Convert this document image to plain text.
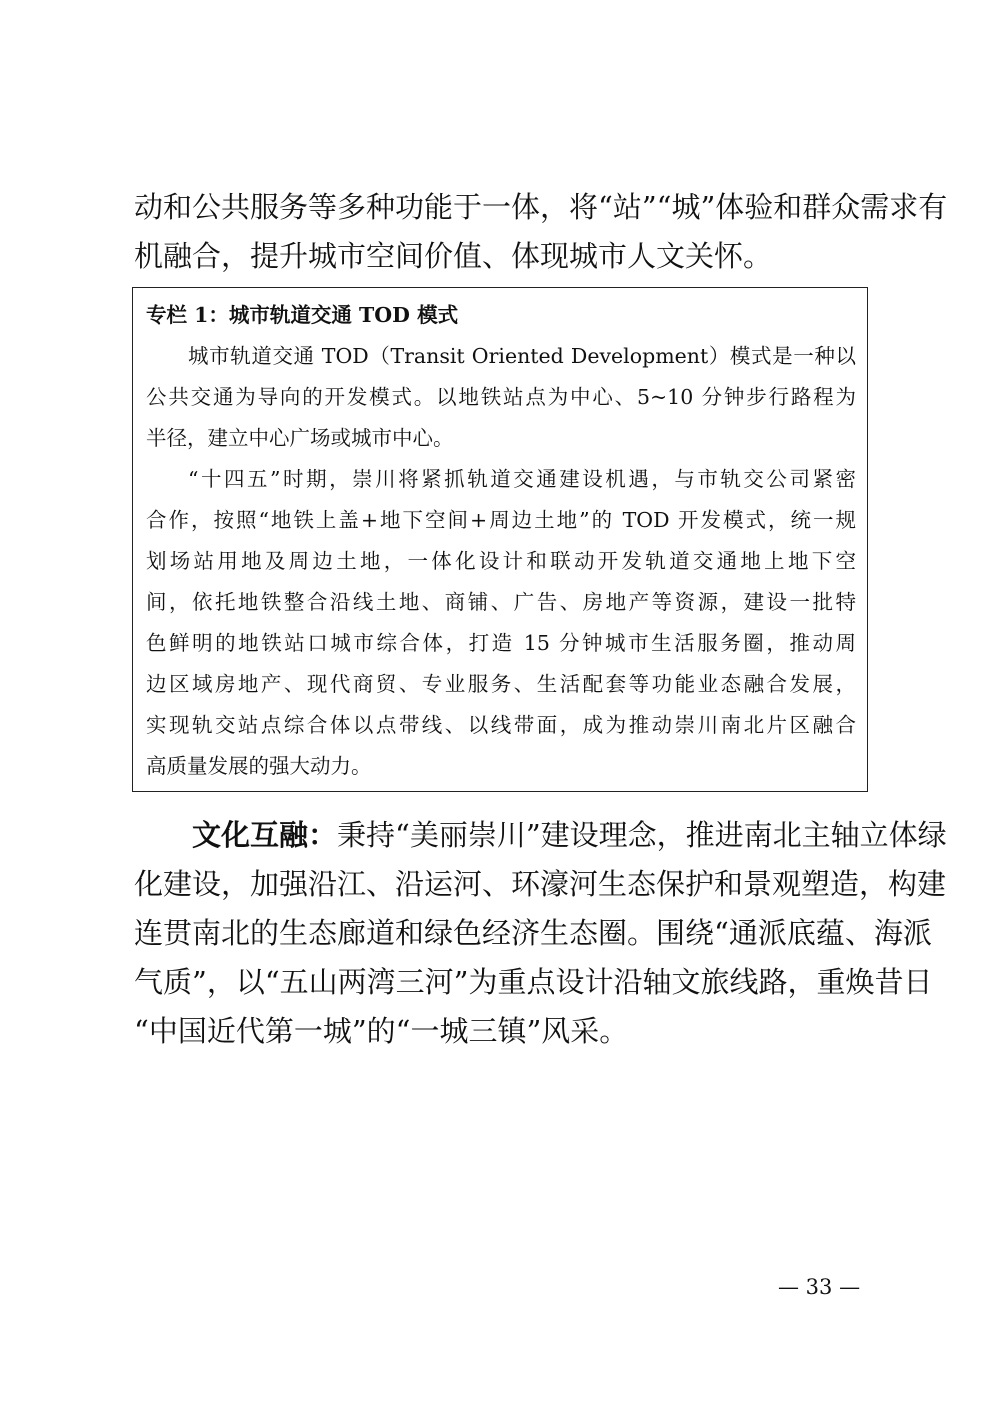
动和公共服务等多种功能于一体，将“站”“城”体验和群众需求有
机融合，提升城市空间价值、体现城市人文关怀。
专栏 1：城市轨道交通 TOD 模式
城市轨道交通 TOD（Transit Oriented Development）模式是一种以
公共交通为导向的开发模式。以地铁站点为中心、5~10 分钟步行路程为
半径，建立中心广场或城市中心。
“十四五”时期，崇川将紧抓轨道交通建设机遇，与市轨交公司紧密
合作，按照“地铁上盖+地下空间+周边土地”的 TOD 开发模式，统一规
划场站用地及周边土地，一体化设计和联动开发轨道交通地上地下空
间，依托地铁整合沿线土地、商铺、广告、房地产等资源，建设一批特
色鲜明的地铁站口城市综合体，打造 15 分钟城市生活服务圈，推动周
边区域房地产、现代商贸、专业服务、生活配套等功能业态融合发展，
实现轨交站点综合体以点带线、以线带面，成为推动崇川南北片区融合
高质量发展的强大动力。
文化互融：秉持“美丽崇川”建设理念，推进南北主轴立体绿
化建设，加强沿江、沿运河、环濠河生态保护和景观塑造，构建
连贯南北的生态廊道和绿色经济生态圈。围绕“通派底蕴、海派
气质”，以“五山两湾三河”为重点设计沿轴文旅线路，重焕昔日
“中国近代第一城”的“一城三镇”风采。
— 33 —
